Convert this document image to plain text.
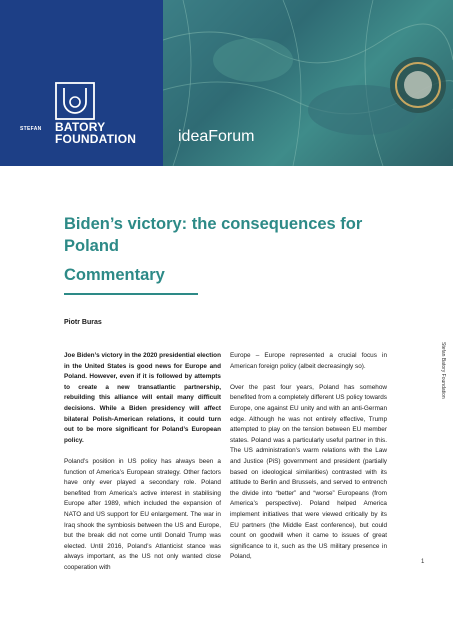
STEFAN BATORY
FOUNDATION	ideaForum
Biden’s victory: the consequences for Poland
Commentary
Piotr Buras

Joe Biden’s victory in the 2020 presidential election in the United States is good news for Europe and Poland. However, even if it is followed by attempts to create a new transatlantic partnership, rebuilding this alliance will entail many difficult decisions. While a Biden presidency will affect bilateral Polish-American relations, it could turn out to be more significant for Poland’s European policy.

Poland’s position in US policy has always been a function of America’s European strategy. Other factors have only ever played a secondary role. Poland benefited from America’s active interest in stabilising Europe after 1989, which included the expansion of NATO and US support for EU enlargement. The war in Iraq shook the symbiosis between the US and Europe, but the break did not come until Donald Trump was elected. Until 2016, Poland’s Atlanticist stance was always important, as the US not only wanted close cooperation with

Europe – Europe represented a crucial focus in American foreign policy (albeit decreasingly so).

Over the past four years, Poland has somehow benefited from a completely different US policy towards Europe, one against EU unity and with an anti-German edge. Although he was not entirely effective, Trump attempted to play on the tension between EU member states. Poland was a particularly useful partner in this. The US administration’s warm relations with the Law and Justice (PiS) government and president (partially based on ideological similarities) contrasted with its attitude to Berlin and Brussels, and served to entrench the divide into “better” and “worse” Europeans (from America’s perspective). Poland helped America implement initiatives that were viewed critically by its EU partners (the Middle East conference), but could count on goodwill when it came to issues of great significance to it, such as the US military presence in Poland,

Stefan Batory Foundation
1
